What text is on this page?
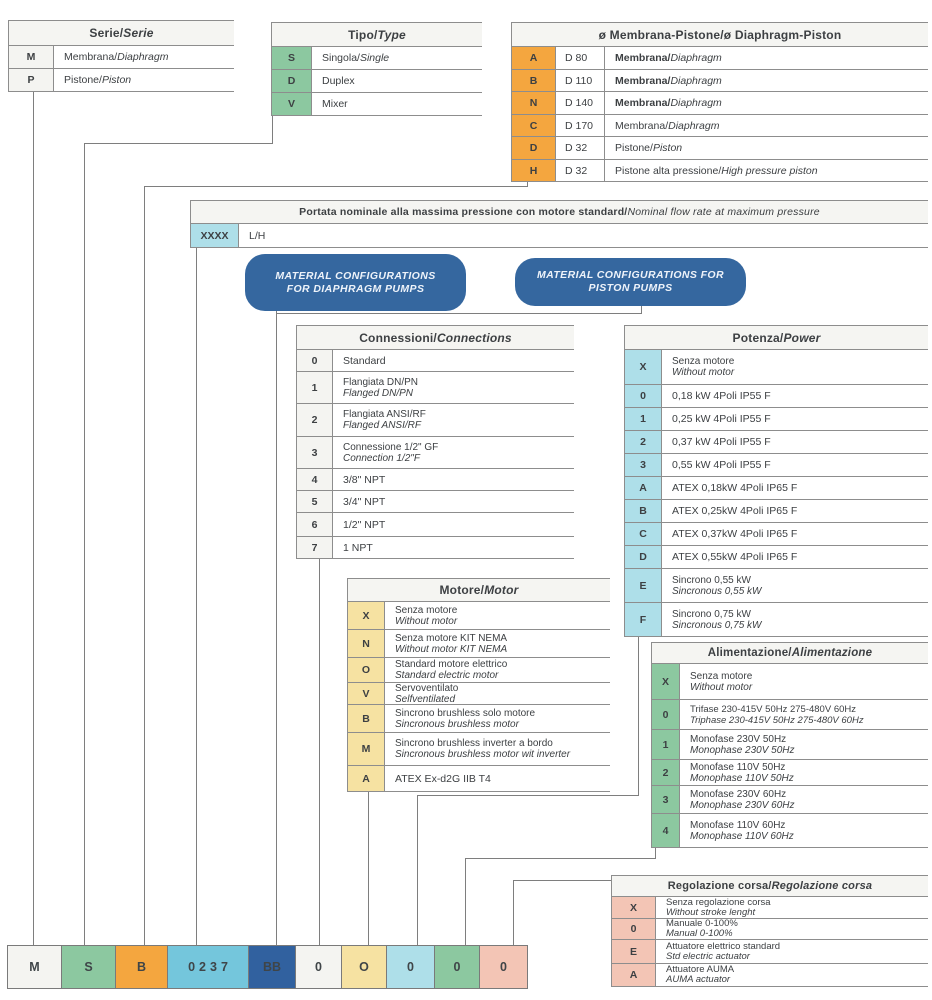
Serie/ Serie
M	Membrana/ Diaphragm
P	Pistone/ Piston
Tipo/ Type
S	Singola/ Single
D	Duplex
V	Mixer
ø Membrana-Pistone/ ø Diaphragm-Piston
A	D 80	Membrana/ Diaphragm
B	D 110	Membrana/ Diaphragm
N	D 140	Membrana/ Diaphragm
C	D 170	Membrana/ Diaphragm
D	D 32	Pistone/ Piston
H	D 32	Pistone alta pressione/ High pressure piston
Portata nominale alla massima pressione con motore standard/ Nominal flow rate at maximum pressure
XXXX	L/H
MATERIAL CONFIGURATIONS FOR DIAPHRAGM PUMPS
MATERIAL CONFIGURATIONS FOR PISTON PUMPS
Connessioni/ Connections
0	Standard
1	Flangiata DN/PN
Flanged DN/PN
2	Flangiata ANSI/RF
Flanged ANSI/RF
3	Connessione 1/2" GF
Connection 1/2"F
4	3/8" NPT
5	3/4" NPT
6	1/2" NPT
7	1 NPT
Potenza/ Power
X	Senza motore
Without motor
0	0,18 kW 4Poli IP55 F
1	0,25 kW 4Poli IP55 F
2	0,37 kW 4Poli IP55 F
3	0,55 kW 4Poli IP55 F
A	ATEX 0,18kW 4Poli IP65 F
B	ATEX 0,25kW 4Poli IP65 F
C	ATEX 0,37kW 4Poli IP65 F
D	ATEX 0,55kW 4Poli IP65 F
E	Sincrono 0,55 kW
Sincronous 0,55 kW
F	Sincrono 0,75 kW
Sincronous 0,75 kW
Motore/ Motor
X	Senza motore
Without motor
N	Senza motore KIT NEMA
Without motor KIT NEMA
O	Standard motore elettrico
Standard electric motor
V	Servoventilato
Selfventilated
B	Sincrono brushless solo motore
Sincronous brushless motor
M	Sincrono brushless inverter a bordo
Sincronous brushless motor wit inverter
A	ATEX Ex-d2G IIB T4
Alimentazione/ Alimentazione
X	Senza motore
Without motor
0	Trifase 230-415V 50Hz 275-480V 60Hz
Triphase 230-415V 50Hz 275-480V 60Hz
1	Monofase 230V 50Hz
Monophase 230V 50Hz
2	Monofase 110V 50Hz
Monophase 110V 50Hz
3	Monofase 230V 60Hz
Monophase 230V 60Hz
4	Monofase 110V 60Hz
Monophase 110V 60Hz
Regolazione corsa/ Regolazione corsa
X	Senza regolazione corsa
Without stroke lenght
0	Manuale 0-100%
Manual 0-100%
E	Attuatore elettrico standard
Std electric actuator
A	Attuatore AUMA
AUMA actuator
M	S	B	0237	BB	0	O	0	0	0
